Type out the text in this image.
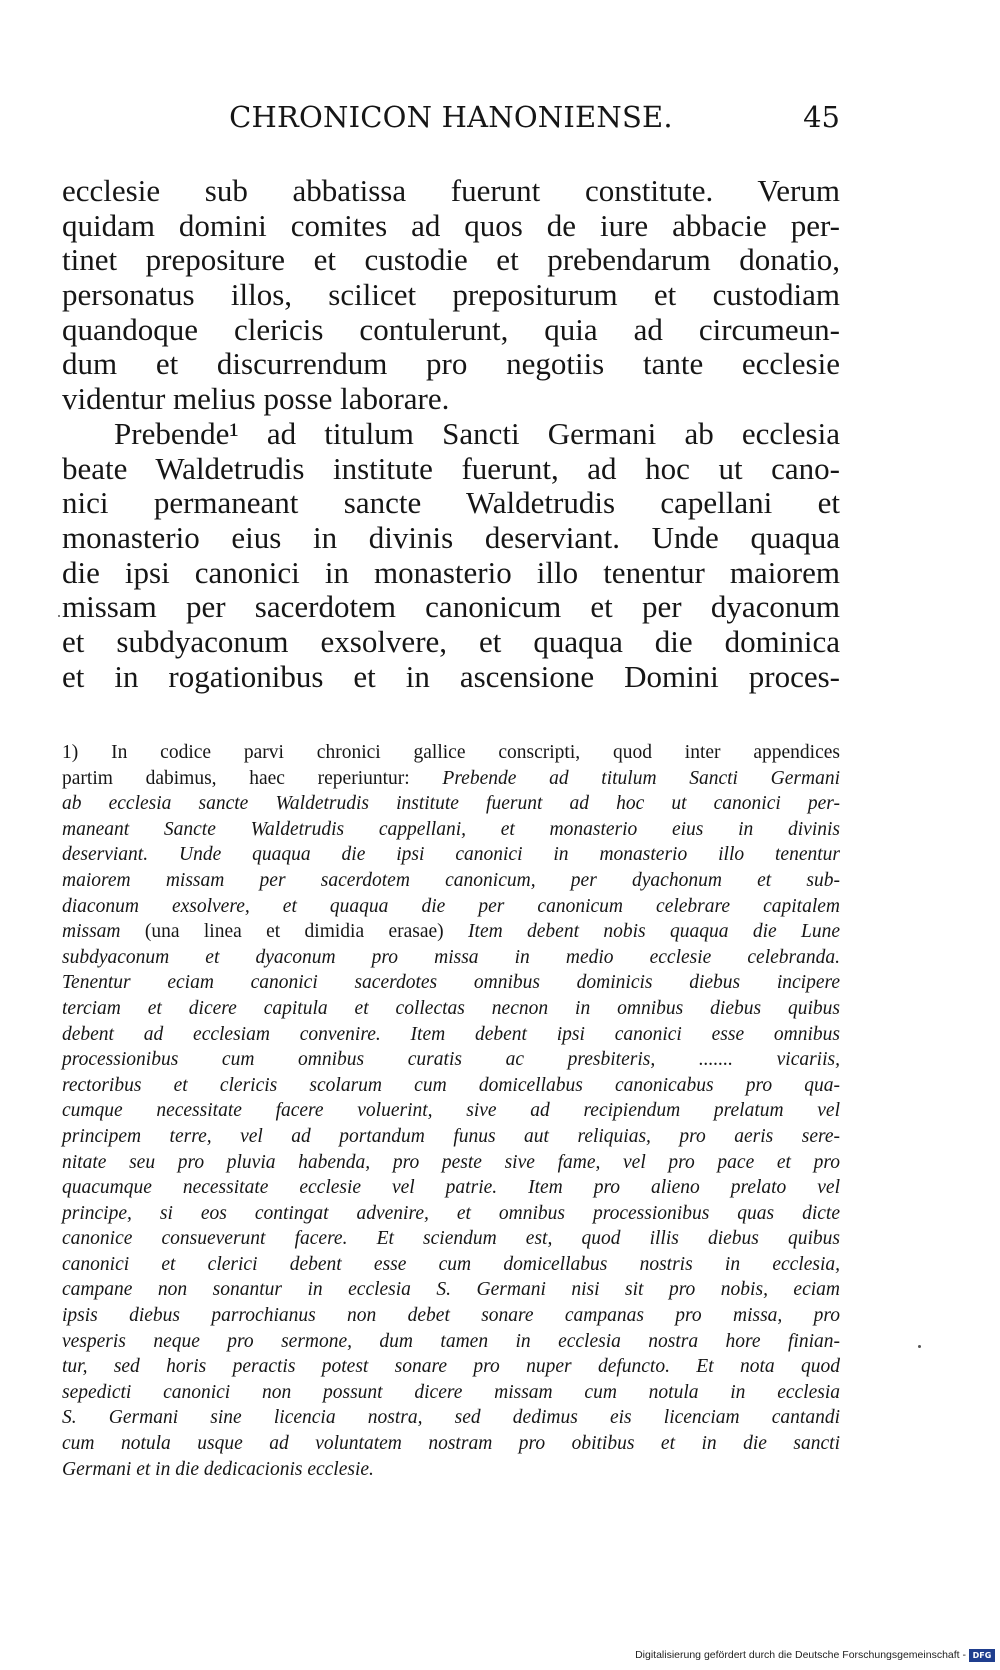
CHRONICON HANONIENSE.	45
ecclesie sub abbatissa fuerunt constitute. Verum
quidam domini comites ad quos de iure abbacie per-
tinet prepositure et custodie et prebendarum donatio,
personatus illos, scilicet prepositurum et custodiam
quandoque clericis contulerunt, quia ad circumeun-
dum et discurrendum pro negotiis tante ecclesie
videntur melius posse laborare.
Prebende¹ ad titulum Sancti Germani ab ecclesia
beate Waldetrudis institute fuerunt, ad hoc ut cano-
nici permaneant sancte Waldetrudis capellani et
monasterio eius in divinis deserviant. Unde quaqua
die ipsi canonici in monasterio illo tenentur maiorem
missam per sacerdotem canonicum et per dyaconum
et subdyaconum exsolvere, et quaqua die dominica
et in rogationibus et in ascensione Domini proces-
1) In codice parvi chronici gallice conscripti, quod inter appendices
partim dabimus, haec reperiuntur: Prebende ad titulum Sancti Germani
ab ecclesia sancte Waldetrudis institute fuerunt ad hoc ut canonici per-
maneant Sancte Waldetrudis cappellani, et monasterio eius in divinis
deserviant. Unde quaqua die ipsi canonici in monasterio illo tenentur
maiorem missam per sacerdotem canonicum, per dyachonum et sub-
diaconum exsolvere, et quaqua die per canonicum celebrare capitalem
missam (una linea et dimidia erasae) Item debent nobis quaqua die Lune
subdyaconum et dyaconum pro missa in medio ecclesie celebranda.
Tenentur eciam canonici sacerdotes omnibus dominicis diebus incipere
terciam et dicere capitula et collectas necnon in omnibus diebus quibus
debent ad ecclesiam convenire. Item debent ipsi canonici esse omnibus
processionibus cum omnibus curatis ac presbiteris, ....... vicariis,
rectoribus et clericis scolarum cum domicellabus canonicabus pro qua-
cumque necessitate facere voluerint, sive ad recipiendum prelatum vel
principem terre, vel ad portandum funus aut reliquias, pro aeris sere-
nitate seu pro pluvia habenda, pro peste sive fame, vel pro pace et pro
quacumque necessitate ecclesie vel patrie. Item pro alieno prelato vel
principe, si eos contingat advenire, et omnibus processionibus quas dicte
canonice consueverunt facere. Et sciendum est, quod illis diebus quibus
canonici et clerici debent esse cum domicellabus nostris in ecclesia,
campane non sonantur in ecclesia S. Germani nisi sit pro nobis, eciam
ipsis diebus parrochianus non debet sonare campanas pro missa, pro
vesperis neque pro sermone, dum tamen in ecclesia nostra hore finian-
tur, sed horis peractis potest sonare pro nuper defuncto. Et nota quod
sepedicti canonici non possunt dicere missam cum notula in ecclesia
S. Germani sine licencia nostra, sed dedimus eis licenciam cantandi
cum notula usque ad voluntatem nostram pro obitibus et in die sancti
Germani et in die dedicacionis ecclesie.
Digitalisierung gefördert durch die Deutsche Forschungsgemeinschaft - DFG
